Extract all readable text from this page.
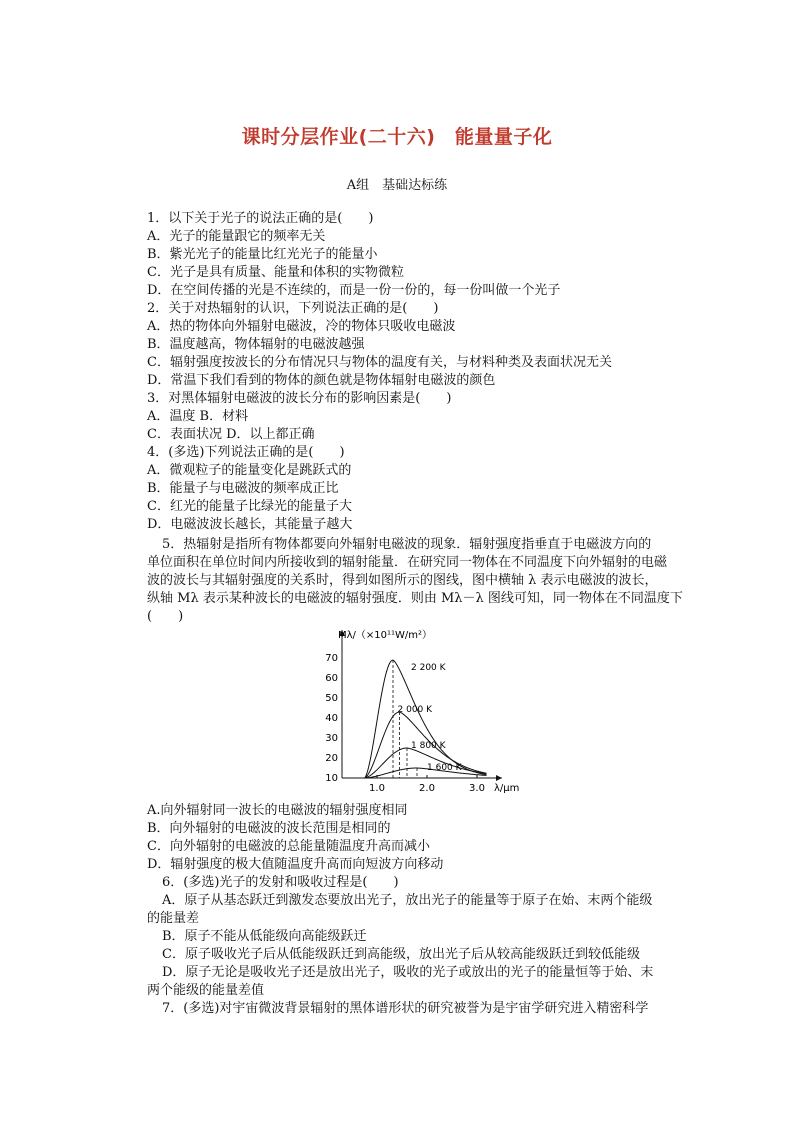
课时分层作业(二十六)　能量量子化
A组　基础达标练
1．以下关于光子的说法正确的是(　　)
A．光子的能量跟它的频率无关
B．紫光光子的能量比红光光子的能量小
C．光子是具有质量、能量和体积的实物微粒
D．在空间传播的光是不连续的，而是一份一份的，每一份叫做一个光子
2．关于对热辐射的认识，下列说法正确的是(　　)
A．热的物体向外辐射电磁波，冷的物体只吸收电磁波
B．温度越高，物体辐射的电磁波越强
C．辐射强度按波长的分布情况只与物体的温度有关，与材料种类及表面状况无关
D．常温下我们看到的物体的颜色就是物体辐射电磁波的颜色
3．对黑体辐射电磁波的波长分布的影响因素是(　　)
A．温度 B．材料
C．表面状况 D．以上都正确
4．(多选)下列说法正确的是(　　)
A．微观粒子的能量变化是跳跃式的
B．能量子与电磁波的频率成正比
C．红光的能量子比绿光的能量子大
D．电磁波波长越长，其能量子越大
5．热辐射是指所有物体都要向外辐射电磁波的现象．辐射强度指垂直于电磁波方向的
单位面积在单位时间内所接收到的辐射能量．在研究同一物体在不同温度下向外辐射的电磁
波的波长与其辐射强度的关系时，得到如图所示的图线，图中横轴 λ 表示电磁波的波长，
纵轴 Mλ 表示某种波长的电磁波的辐射强度．则由 Mλ－λ 图线可知，同一物体在不同温度下
(　　)
10
20
30
40
50
60
70
1.0	2.0	3.0
Mλ/（×10¹¹W/m²）
λ/μm
2 200 K
2 000 K
1 800 K
1 600 K
A.向外辐射同一波长的电磁波的辐射强度相同
B．向外辐射的电磁波的波长范围是相同的
C．向外辐射的电磁波的总能量随温度升高而减小
D．辐射强度的极大值随温度升高而向短波方向移动
6．(多选)光子的发射和吸收过程是(　　)
A．原子从基态跃迁到激发态要放出光子，放出光子的能量等于原子在始、末两个能级
的能量差
B．原子不能从低能级向高能级跃迁
C．原子吸收光子后从低能级跃迁到高能级，放出光子后从较高能级跃迁到较低能级
D．原子无论是吸收光子还是放出光子，吸收的光子或放出的光子的能量恒等于始、末
两个能级的能量差值
7．(多选)对宇宙微波背景辐射的黑体谱形状的研究被誉为是宇宙学研究进入精密科学
